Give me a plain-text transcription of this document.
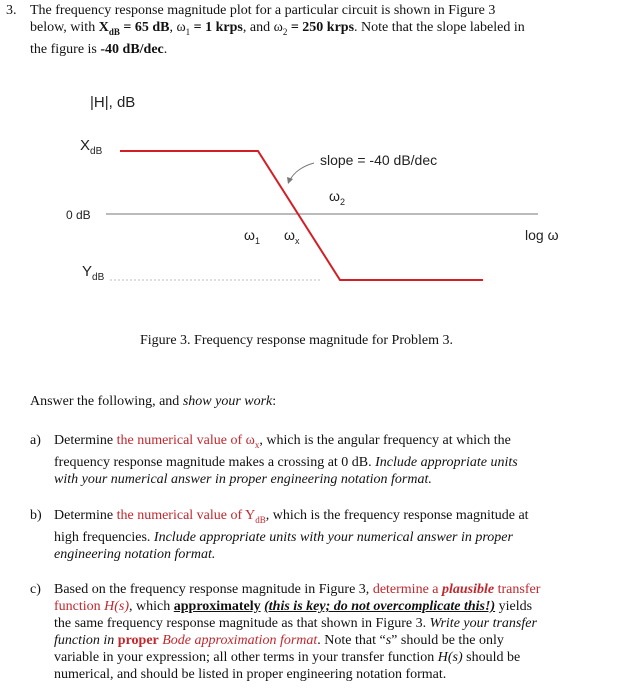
3. The frequency response magnitude plot for a particular circuit is shown in Figure 3
below, with $X_{dB} = 65$ dB, $\omega_1 = 1$ krps, and $\omega_2 = 250$ krps. Note that the slope labeled in
the figure is -40 dB/dec.
|H|, dB
$X_{dB}$
0 dB
$Y_{dB}$
slope = -40 dB/dec
$\omega_2$
$\omega_1$ $\omega_x$	log ω
Figure 3. Frequency response magnitude for Problem 3.
Answer the following, and show your work:
a) Determine the numerical value of $\omega_x$, which is the angular frequency at which the
frequency response magnitude makes a crossing at 0 dB. Include appropriate units
with your numerical answer in proper engineering notation format.
b) Determine the numerical value of $Y_{dB}$, which is the frequency response magnitude at
high frequencies. Include appropriate units with your numerical answer in proper
engineering notation format.
c) Based on the frequency response magnitude in Figure 3, determine a plausible transfer
function H(s), which approximately (this is key; do not overcomplicate this!) yields
the same frequency response magnitude as that shown in Figure 3. Write your transfer
function in proper Bode approximation format. Note that “s” should be the only
variable in your expression; all other terms in your transfer function H(s) should be
numerical, and should be listed in proper engineering notation format.
